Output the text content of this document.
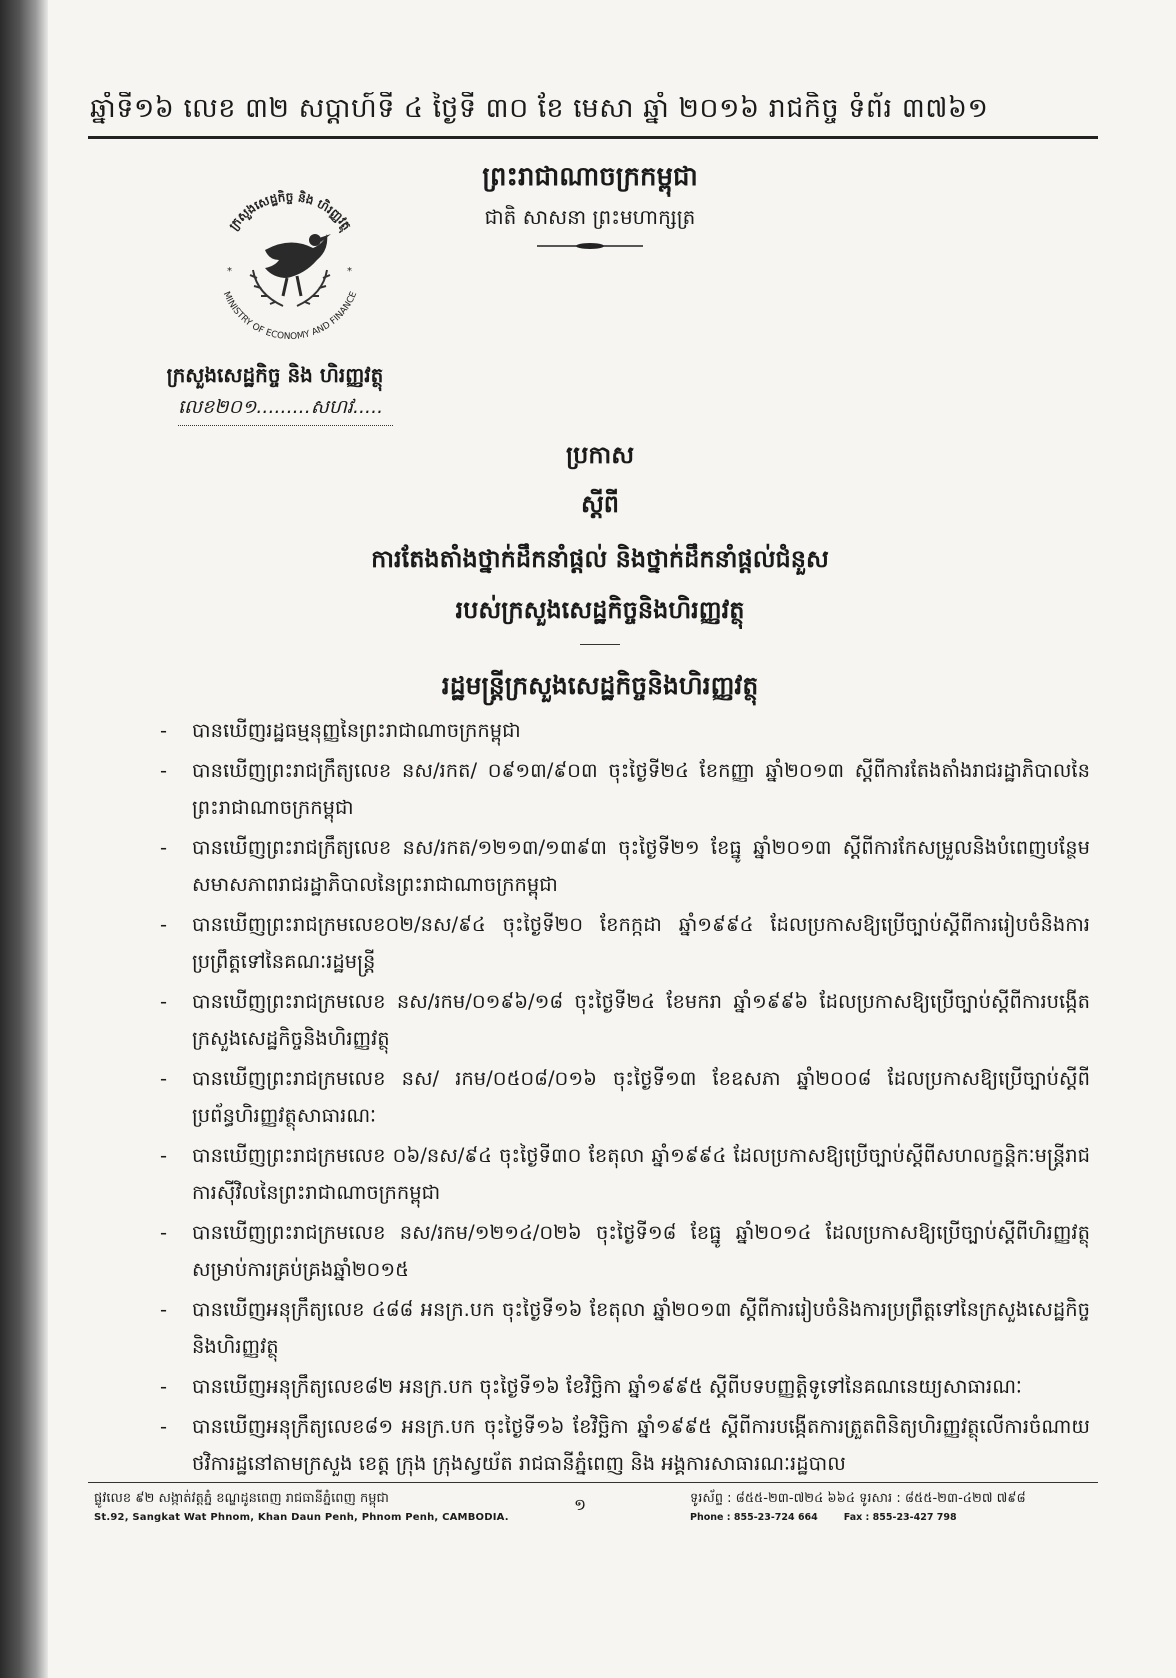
ឆ្នាំទី១៦ លេខ ៣២ សប្តាហ៍ទី ៤ ថ្ងៃទី ៣០ ខែ មេសា ឆ្នាំ ២០១៦ រាជកិច្ច ទំព័រ ៣៧៦១
ព្រះរាជាណាចក្រកម្ពុជា
ជាតិ សាសនា ព្រះមហាក្សត្រ
ក្រសួងសេដ្ឋកិច្ច និង ហិរញ្ញវត្ថុ
MINISTRY OF ECONOMY AND FINANCE
*	*
ក្រសួងសេដ្ឋកិច្ច និង ហិរញ្ញវត្ថុ
លេខ២០១.........សហវ.....
ប្រកាស
ស្តីពី
ការតែងតាំងថ្នាក់ដឹកនាំផ្តល់ និងថ្នាក់ដឹកនាំផ្តល់ជំនួស
របស់ក្រសួងសេដ្ឋកិច្ចនិងហិរញ្ញវត្ថុ
រដ្ឋមន្ត្រីក្រសួងសេដ្ឋកិច្ចនិងហិរញ្ញវត្ថុ
- បានឃើញរដ្ឋធម្មនុញ្ញនៃព្រះរាជាណាចក្រកម្ពុជា
- បានឃើញព្រះរាជក្រឹត្យលេខ នស/រកត/ ០៩១៣/៩០៣ ចុះថ្ងៃទី២៤ ខែកញ្ញា ឆ្នាំ២០១៣ ស្តីពីការតែងតាំងរាជរដ្ឋាភិបាលនៃព្រះរាជាណាចក្រកម្ពុជា
- បានឃើញព្រះរាជក្រឹត្យលេខ នស/រកត/១២១៣/១៣៩៣ ចុះថ្ងៃទី២១ ខែធ្នូ ឆ្នាំ២០១៣ ស្តីពីការកែសម្រួលនិងបំពេញបន្ថែមសមាសភាពរាជរដ្ឋាភិបាលនៃព្រះរាជាណាចក្រកម្ពុជា
- បានឃើញព្រះរាជក្រមលេខ០២/នស/៩៤ ចុះថ្ងៃទី២០ ខែកក្កដា ឆ្នាំ១៩៩៤ ដែលប្រកាសឱ្យប្រើច្បាប់ស្តីពីការរៀបចំនិងការប្រព្រឹត្តទៅនៃគណៈរដ្ឋមន្ត្រី
- បានឃើញព្រះរាជក្រមលេខ នស/រកម/០១៩៦/១៨ ចុះថ្ងៃទី២៤ ខែមករា ឆ្នាំ១៩៩៦ ដែលប្រកាសឱ្យប្រើច្បាប់ស្តីពីការបង្កើតក្រសួងសេដ្ឋកិច្ចនិងហិរញ្ញវត្ថុ
- បានឃើញព្រះរាជក្រមលេខ នស/ រកម/០៥០៨/០១៦ ចុះថ្ងៃទី១៣ ខែឧសភា ឆ្នាំ២០០៨ ដែលប្រកាសឱ្យប្រើច្បាប់ស្តីពីប្រព័ន្ធហិរញ្ញវត្ថុសាធារណៈ
- បានឃើញព្រះរាជក្រមលេខ ០៦/នស/៩៤ ចុះថ្ងៃទី៣០ ខែតុលា ឆ្នាំ១៩៩៤ ដែលប្រកាសឱ្យប្រើច្បាប់ស្តីពីសហលក្ខន្តិកៈមន្ត្រីរាជការស៊ីវិលនៃព្រះរាជាណាចក្រកម្ពុជា
- បានឃើញព្រះរាជក្រមលេខ នស/រកម/១២១៤/០២៦ ចុះថ្ងៃទី១៨ ខែធ្នូ ឆ្នាំ២០១៤ ដែលប្រកាសឱ្យប្រើច្បាប់ស្តីពីហិរញ្ញវត្ថុសម្រាប់ការគ្រប់គ្រងឆ្នាំ២០១៥
- បានឃើញអនុក្រឹត្យលេខ ៤៨៨ អនក្រ.បក ចុះថ្ងៃទី១៦ ខែតុលា ឆ្នាំ២០១៣ ស្តីពីការរៀបចំនិងការប្រព្រឹត្តទៅនៃក្រសួងសេដ្ឋកិច្ចនិងហិរញ្ញវត្ថុ
- បានឃើញអនុក្រឹត្យលេខ៨២ អនក្រ.បក ចុះថ្ងៃទី១៦ ខែវិច្ឆិកា ឆ្នាំ១៩៩៥ ស្តីពីបទបញ្ញត្តិទូទៅនៃគណនេយ្យសាធារណៈ
- បានឃើញអនុក្រឹត្យលេខ៨១ អនក្រ.បក ចុះថ្ងៃទី១៦ ខែវិច្ឆិកា ឆ្នាំ១៩៩៥ ស្តីពីការបង្កើតការត្រួតពិនិត្យហិរញ្ញវត្ថុលើការចំណាយថវិការដ្ឋនៅតាមក្រសួង ខេត្ត ក្រុង ក្រុងស្វយ័ត រាជធានីភ្នំពេញ និង អង្គការសាធារណៈរដ្ឋបាល
ផ្លូវលេខ ៩២ សង្កាត់វត្តភ្នំ ខណ្ឌដូនពេញ រាជធានីភ្នំពេញ កម្ពុជា
St.92, Sangkat Wat Phnom, Khan Daun Penh, Phnom Penh, CAMBODIA.
១	ទូរស័ព្ទ : ៨៥៥-២៣-៧២៤ ៦៦៤ ទូរសារ : ៨៥៥-២៣-៤២៧ ៧៩៨
Phone : 855-23-724 664	Fax : 855-23-427 798
